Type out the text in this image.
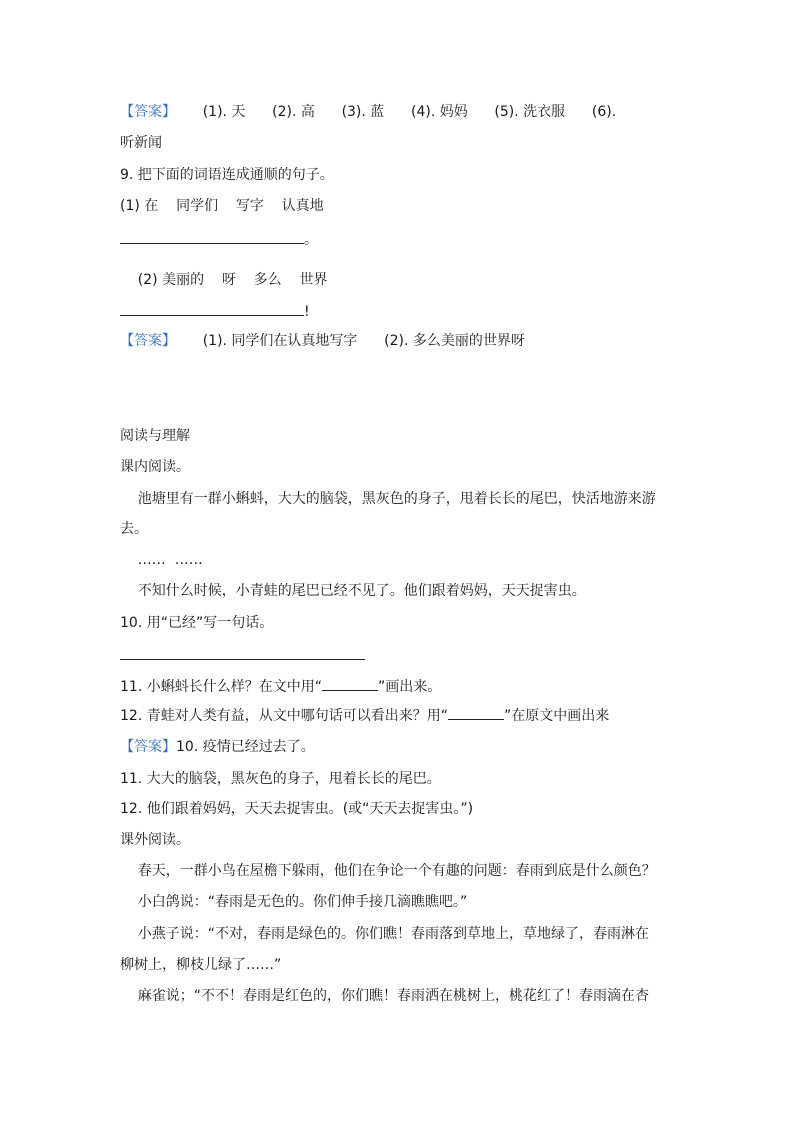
【答案】      (1). 天      (2). 高      (3). 蓝      (4). 妈妈      (5). 洗衣服      (6).
听新闻
9. 把下面的词语连成通顺的句子。
(1) 在    同学们    写字    认真地
。
(2) 美丽的    呀    多么    世界
!
【答案】      (1). 同学们在认真地写字      (2). 多么美丽的世界呀
阅读与理解
课内阅读。
池塘里有一群小蝌蚪，大大的脑袋，黑灰色的身子，甩着长长的尾巴，快活地游来游
去。
……  ……
不知什么时候，小青蛙的尾巴已经不见了。他们跟着妈妈，天天捉害虫。
10. 用“已经”写一句话。
11. 小蝌蚪长什么样？在文中用“	”画出来。
12. 青蛙对人类有益，从文中哪句话可以看出来？用“	”在原文中画出来
【答案】10. 疫情已经过去了。
11. 大大的脑袋，黑灰色的身子，甩着长长的尾巴。
12. 他们跟着妈妈，天天去捉害虫。(或“天天去捉害虫。”)
课外阅读。
春天，一群小鸟在屋檐下躲雨，他们在争论一个有趣的问题：春雨到底是什么颜色？
小白鸽说：“春雨是无色的。你们伸手接几滴瞧瞧吧。”
小燕子说：“不对，春雨是绿色的。你们瞧！春雨落到草地上，草地绿了，春雨淋在
柳树上，柳枝儿绿了……”
麻雀说；“不不！春雨是红色的，你们瞧！春雨洒在桃树上，桃花红了！春雨滴在杏
